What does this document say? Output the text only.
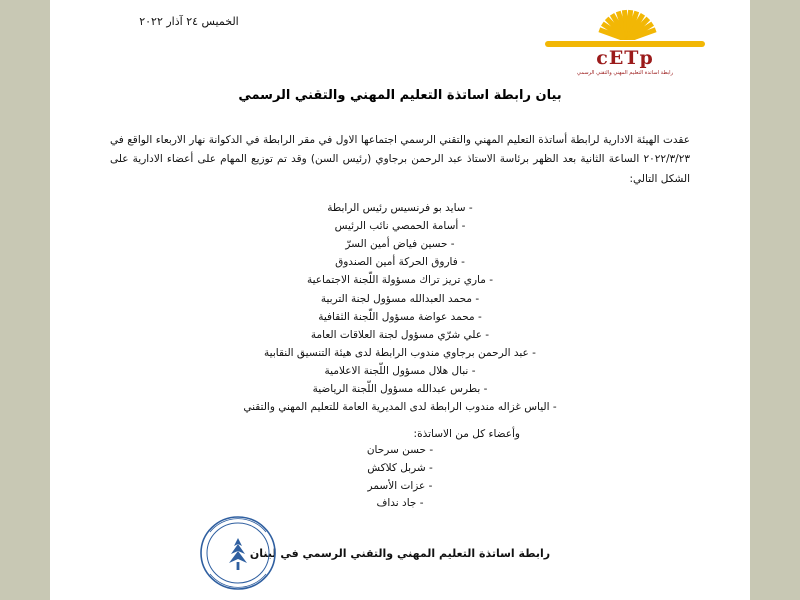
cETp
رابطة اساتذة التعليم المهني والتقني الرسمي
الخميس ٢٤ آذار ٢٠٢٢
بيان رابطة اساتذة التعليم المهني والتقني الرسمي
عقدت الهيئة الادارية لرابطة أساتذة التعليم المهني والتقني الرسمي اجتماعها الاول في مقر الرابطة في الدكوانة نهار الاربعاء الواقع في ٢٠٢٢/٣/٢٣ الساعة الثانية بعد الظهر برئاسة الاستاذ عبد الرحمن برجاوي (رئيس السن) وقد تم توزيع المهام على أعضاء الادارية على الشكل التالي:
- سايد بو فرنسيس رئيس الرابطة
- أسامة الحمصي نائب الرئيس
- حسين فياض أمين السرّ
- فاروق الحركة أمين الصندوق
- ماري تريز تراك مسؤولة اللّجنة الاجتماعية
- محمد العبدالله مسؤول لجنة التربية
- محمد عواضة مسؤول اللّجنة الثقافية
- علي شرّي مسؤول لجنة العلاقات العامة
- عبد الرحمن برجاوي مندوب الرابطة لدى هيئة التنسيق النقابية
- نبال هلال مسؤول اللّجنة الاعلامية
- بطرس عبدالله مسؤول اللّجنة الرياضية
- الياس غزاله مندوب الرابطة لدى المديرية العامة للتعليم المهني والتقني
وأعضاء كل من الاساتذة:
- حسن سرحان
- شربل كلاكش
- عزات الأسمر
- جاد نداف
رابطة اساتذة التعليم المهني والتقني الرسمي في لبنان
